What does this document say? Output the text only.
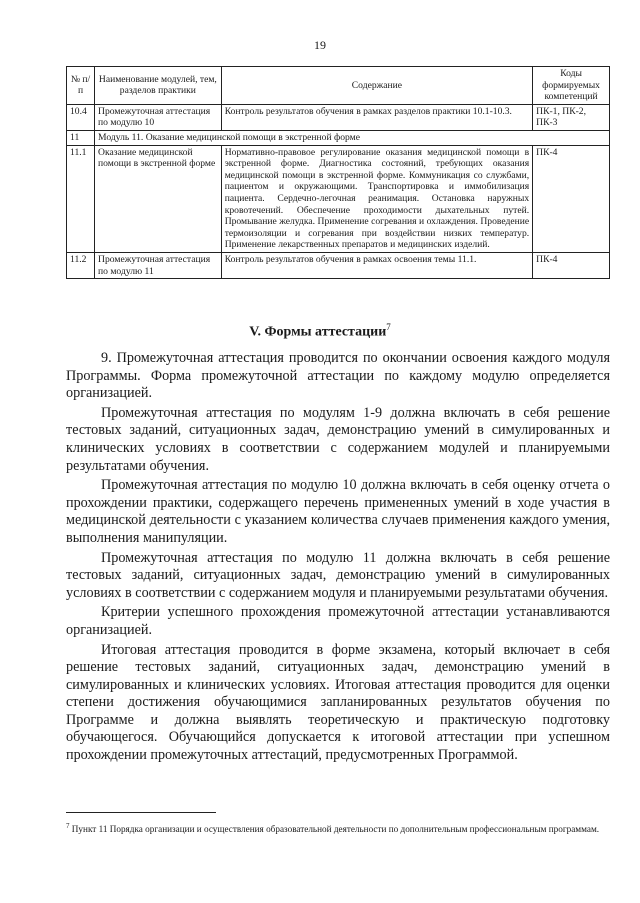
19
№ п/п	Наименование модулей, тем, разделов практики	Содержание	Коды формируемых компетенций
10.4	Промежуточная аттестация по модулю 10	Контроль результатов обучения в рамках разделов практики 10.1-10.3.	ПК-1, ПК-2, ПК-3
11	Модуль 11. Оказание медицинской помощи в экстренной форме		
11.1	Оказание медицинской помощи в экстренной форме	Нормативно-правовое регулирование оказания медицинской помощи в экстренной форме. Диагностика состояний, требующих оказания медицинской помощи в экстренной форме. Коммуникация со службами, пациентом и окружающими. Транспортировка и иммобилизация пациента. Сердечно-легочная реанимация. Остановка наружных кровотечений. Обеспечение проходимости дыхательных путей. Промывание желудка. Применение согревания и охлаждения. Проведение термоизоляции и согревания при воздействии низких температур. Применение лекарственных препаратов и медицинских изделий.	ПК-4
11.2	Промежуточная аттестация по модулю 11	Контроль результатов обучения в рамках освоения темы 11.1.	ПК-4
V. Формы аттестации$^7$

9. Промежуточная аттестация проводится по окончании освоения каждого модуля Программы. Форма промежуточной аттестации по каждому модулю определяется организацией.

Промежуточная аттестация по модулям 1-9 должна включать в себя решение тестовых заданий, ситуационных задач, демонстрацию умений в симулированных и клинических условиях в соответствии с содержанием модулей и планируемыми результатами обучения.

Промежуточная аттестация по модулю 10 должна включать в себя оценку отчета о прохождении практики, содержащего перечень примененных умений в ходе участия в медицинской деятельности с указанием количества случаев применения каждого умения, выполнения манипуляции.

Промежуточная аттестация по модулю 11 должна включать в себя решение тестовых заданий, ситуационных задач, демонстрацию умений в симулированных условиях в соответствии с содержанием модуля и планируемыми результатами обучения.

Критерии успешного прохождения промежуточной аттестации устанавливаются организацией.

Итоговая аттестация проводится в форме экзамена, который включает в себя решение тестовых заданий, ситуационных задач, демонстрацию умений в симулированных и клинических условиях. Итоговая аттестация проводится для оценки степени достижения обучающимися запланированных результатов обучения по Программе и должна выявлять теоретическую и практическую подготовку обучающегося. Обучающийся допускается к итоговой аттестации при успешном прохождении промежуточных аттестаций, предусмотренных Программой.

$^7$ Пункт 11 Порядка организации и осуществления образовательной деятельности по дополнительным профессиональным программам.
